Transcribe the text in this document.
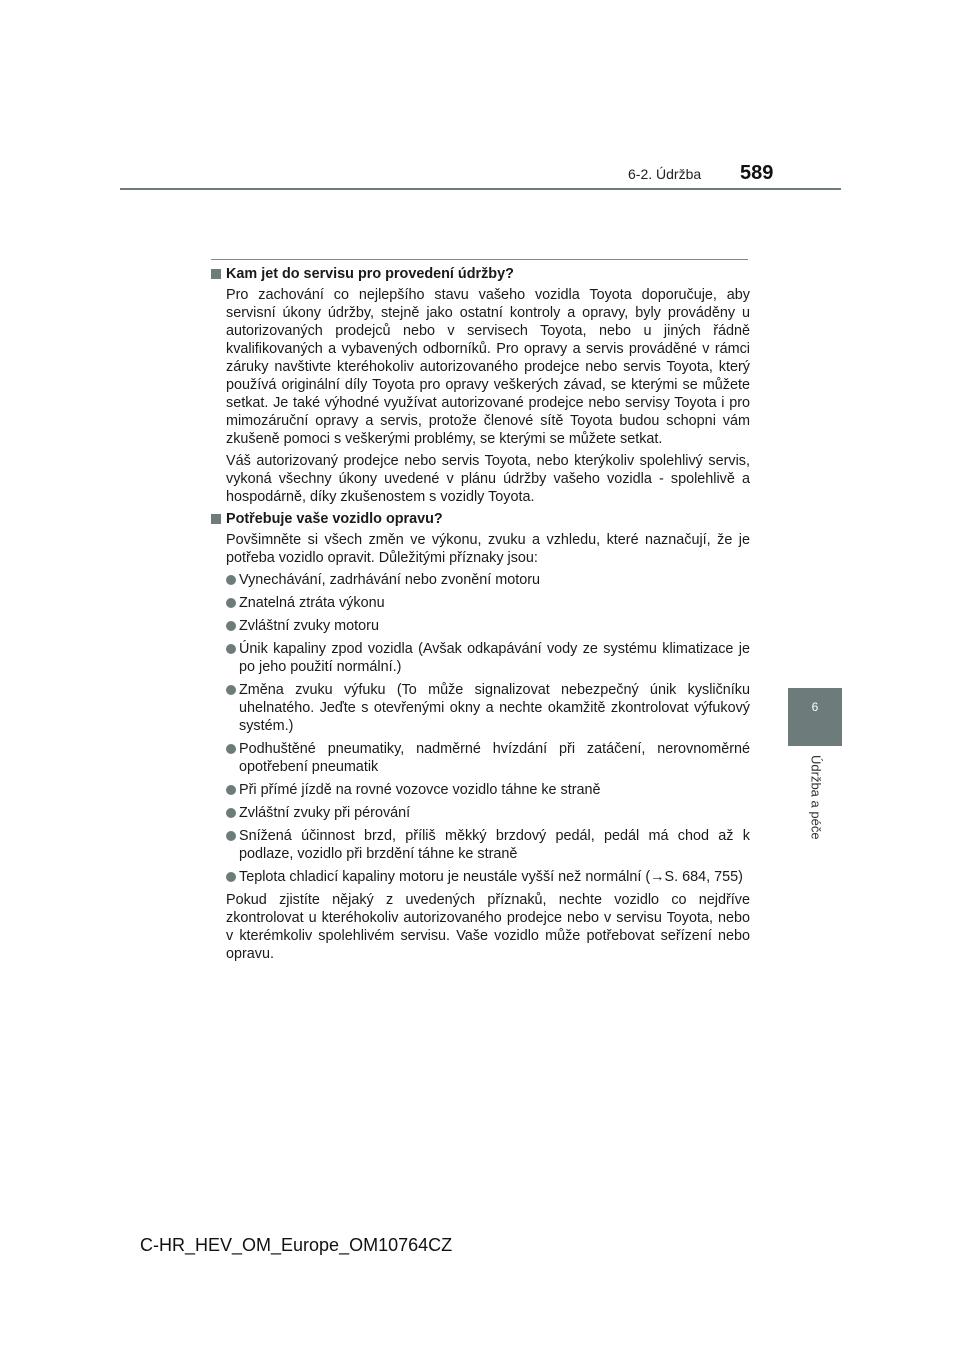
6-2. Údržba 589
6
Údržba a péče
Kam jet do servisu pro provedení údržby?

Pro zachování co nejlepšího stavu vašeho vozidla Toyota doporučuje, aby servisní úkony údržby, stejně jako ostatní kontroly a opravy, byly prováděny u autorizovaných prodejců nebo v servisech Toyota, nebo u jiných řádně kvalifikovaných a vybavených odborníků. Pro opravy a servis prováděné v rámci záruky navštivte kteréhokoliv autorizovaného prodejce nebo servis Toyota, který používá originální díly Toyota pro opravy veškerých závad, se kterými se můžete setkat. Je také výhodné využívat autorizované prodejce nebo servisy Toyota i pro mimozáruční opravy a servis, protože členové sítě Toyota budou schopni vám zkušeně pomoci s veškerými problémy, se kterými se můžete setkat.

Váš autorizovaný prodejce nebo servis Toyota, nebo kterýkoliv spolehlivý servis, vykoná všechny úkony uvedené v plánu údržby vašeho vozidla - spolehlivě a hospodárně, díky zkušenostem s vozidly Toyota.

Potřebuje vaše vozidlo opravu?

Povšimněte si všech změn ve výkonu, zvuku a vzhledu, které naznačují, že je potřeba vozidlo opravit. Důležitými příznaky jsou:

Vynechávání, zadrhávání nebo zvonění motoru
Znatelná ztráta výkonu
Zvláštní zvuky motoru
Únik kapaliny zpod vozidla (Avšak odkapávání vody ze systému klimatizace je po jeho použití normální.)
Změna zvuku výfuku (To může signalizovat nebezpečný únik kysličníku uhelnatého. Jeďte s otevřenými okny a nechte okamžitě zkontrolovat výfukový systém.)
Podhuštěné pneumatiky, nadměrné hvízdání při zatáčení, nerovnoměrné opotřebení pneumatik
Při přímé jízdě na rovné vozovce vozidlo táhne ke straně
Zvláštní zvuky při pérování
Snížená účinnost brzd, příliš měkký brzdový pedál, pedál má chod až k podlaze, vozidlo při brzdění táhne ke straně
Teplota chladicí kapaliny motoru je neustále vyšší než normální (→S. 684, 755)

Pokud zjistíte nějaký z uvedených příznaků, nechte vozidlo co nejdříve zkontrolovat u kteréhokoliv autorizovaného prodejce nebo v servisu Toyota, nebo v kterémkoliv spolehlivém servisu. Vaše vozidlo může potřebovat seřízení nebo opravu.

C-HR_HEV_OM_Europe_OM10764CZ
